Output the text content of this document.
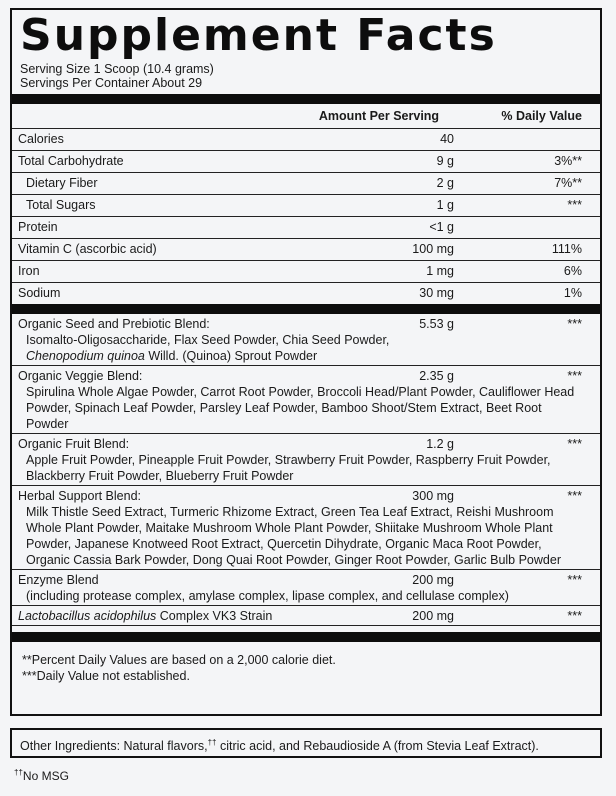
Supplement Facts
Serving Size 1 Scoop (10.4 grams)
Servings Per Container About 29
Amount Per Serving	% Daily Value
Calories	40
Total Carbohydrate	9 g	3%**
Dietary Fiber	2 g	7%**
Total Sugars	1 g	***
Protein	<1 g
Vitamin C (ascorbic acid)	100 mg	111%
Iron	1 mg	6%
Sodium	30 mg	1%
Organic Seed and Prebiotic Blend:	5.53 g	***
Isomalto-Oligosaccharide, Flax Seed Powder, Chia Seed Powder,
Chenopodium quinoa Willd. (Quinoa) Sprout Powder
Organic Veggie Blend:	2.35 g	***
Spirulina Whole Algae Powder, Carrot Root Powder, Broccoli Head/Plant Powder, Cauliflower Head Powder, Spinach Leaf Powder, Parsley Leaf Powder, Bamboo Shoot/Stem Extract, Beet Root Powder
Organic Fruit Blend:	1.2 g	***
Apple Fruit Powder, Pineapple Fruit Powder, Strawberry Fruit Powder, Raspberry Fruit Powder, Blackberry Fruit Powder, Blueberry Fruit Powder
Herbal Support Blend:	300 mg	***
Milk Thistle Seed Extract, Turmeric Rhizome Extract, Green Tea Leaf Extract, Reishi Mushroom Whole Plant Powder, Maitake Mushroom Whole Plant Powder, Shiitake Mushroom Whole Plant Powder, Japanese Knotweed Root Extract, Quercetin Dihydrate, Organic Maca Root Powder, Organic Cassia Bark Powder, Dong Quai Root Powder, Ginger Root Powder, Garlic Bulb Powder
Enzyme Blend	200 mg	***
(including protease complex, amylase complex, lipase complex, and cellulase complex)
Lactobacillus acidophilus Complex VK3 Strain	200 mg	***
**Percent Daily Values are based on a 2,000 calorie diet.
***Daily Value not established.
Other Ingredients: Natural flavors,†† citric acid, and Rebaudioside A (from Stevia Leaf Extract).
††No MSG
